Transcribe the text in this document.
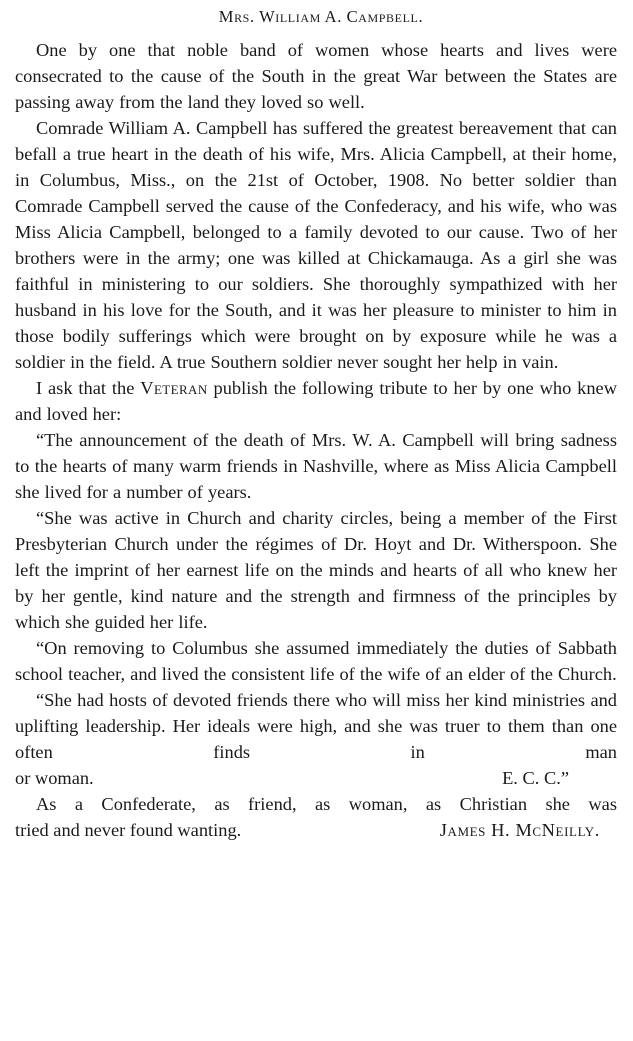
Mrs. William A. Campbell.

One by one that noble band of women whose hearts and lives were consecrated to the cause of the South in the great War between the States are passing away from the land they loved so well.

Comrade William A. Campbell has suffered the greatest bereavement that can befall a true heart in the death of his wife, Mrs. Alicia Campbell, at their home, in Columbus, Miss., on the 21st of October, 1908. No better soldier than Comrade Campbell served the cause of the Confederacy, and his wife, who was Miss Alicia Campbell, belonged to a family devoted to our cause. Two of her brothers were in the army; one was killed at Chickamauga. As a girl she was faithful in ministering to our soldiers. She thoroughly sympathized with her husband in his love for the South, and it was her pleasure to minister to him in those bodily sufferings which were brought on by exposure while he was a soldier in the field. A true Southern soldier never sought her help in vain.

I ask that the Veteran publish the following tribute to her by one who knew and loved her:

“The announcement of the death of Mrs. W. A. Campbell will bring sadness to the hearts of many warm friends in Nashville, where as Miss Alicia Campbell she lived for a number of years.

“She was active in Church and charity circles, being a member of the First Presbyterian Church under the régimes of Dr. Hoyt and Dr. Witherspoon. She left the imprint of her earnest life on the minds and hearts of all who knew her by her gentle, kind nature and the strength and firmness of the principles by which she guided her life.

“On removing to Columbus she assumed immediately the duties of Sabbath school teacher, and lived the consistent life of the wife of an elder of the Church.

“She had hosts of devoted friends there who will miss her kind ministries and uplifting leadership. Her ideals were high, and she was truer to them than one often finds in man

or woman.	E. C. C.”

As a Confederate, as friend, as woman, as Christian she was

tried and never found wanting.	James H. McNeilly.
